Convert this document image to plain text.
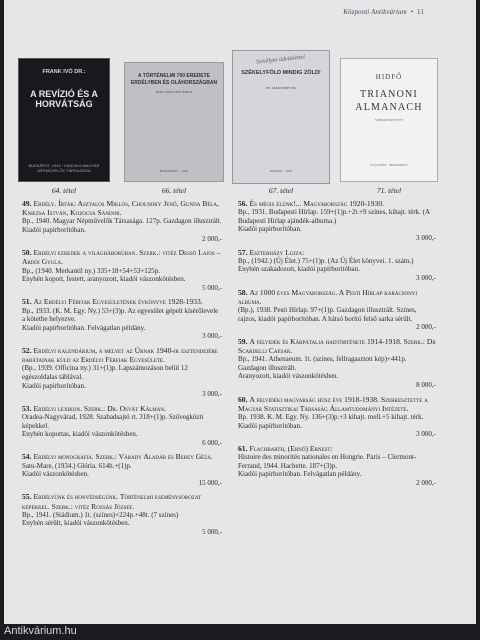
Központi Antikvárium • 11
FRANK IVÓ DR.:
A REVÍZIÓ ÉS A HORVÁTSÁG
BUDAPEST, 1940 · KIADJA A MAGYAR NÉPMŰVELŐK TÁRSASÁGA
64. tétel
A TÖRTÉNELMI 700 EREDETE ERDÉLYBEN ÉS OLÁHORSZÁGBAN
ÍRTA: KÖLCSEY ÉRNŐ
BUDAPEST · 1940
66. tétel
Szívélyes üdvözlettel
SZÉKELYFÖLD MINDIG ZÖLD!
IFJ. MÁRTONFI ÖN
KIADJA · 1940
67. tétel
HIDFŐ
TRIANONI ALMANACH
SZERKESZTETTE
IV. KÖTET · BUDAPEST
71. tétel
49. Erdély. Írták: Asztalos Miklós, Cholnoky Jenő, Gunda Béla, Kniezsa István, Kozocsa Sándor.
Bp., 1940. Magyar Népművelők Társasága. 127p. Gazdagon illusztrált.
Kiadói papírborítóban.
2 000,-
50. Erdélyi ezredek a világháborúban. Szerk.: vitéz Dessõ Lajos – Ardói Gyula.
Bp., (1940. Merkantil ny.) 335+18+54+53+125p.
Enyhén kopott, festett, aranyozott, kiadói vászonkötésben.
5 000,-
51. Az Erdélyi Férfiak Egyesületének évkönyve 1928-1933.
Bp., 1933. (K. M. Egy. Ny.) 53+(3)p. Az egyesület gépelt kísérőlevele a kötetbe helyezve.
Kiadói papírborítóban. Felvágatlan példány.
3 000,-
52. Erdélyi kalendárium, a melyet az Úrnak 1940-ik esztendejére barátainak küld az Erdélyi Férfiak Egyesülete.
(Bp., 1939. Officina ny.) 31+(1)p. Lapszámozáson belül 12 egészoldalas táblával.
Kiadói papírborítóban.
3 000,-
53. Erdélyi lexikon. Szerk.: Dr. Osvát Kálmán.
Oradea-Nagyvárad, 1928. Szabadsajtó rt. 318+(1)p. Szövegközti képekkel.
Enyhén kopottas, kiadói vászonkötésben.
6 000,-
54. Erdélyi monográfia. Szerk.: Várady Aladár és Berey Géza.
Satu-Mare, (1934.) Glória. 614h.+(1)p.
Kiadói vászonkötésben.
15 000,-
55. Erdélyünk és honvédségünk. Történelmi eseménysorozat képekkel. Szerk.: vitéz Rozsás József.
Bp., 1941. (Stádium.) 1t. (színes)+224p.+48t. (7 színes)
Enyhén sérült, kiadói vászonkötésben.
5 000,-
56. És mégis élünk!... Magyarország 1920-1930.
Bp., 1931. Budapesti Hírlap. 159+(1)p.+2t.+9 színes, kihajt. térk. (A Budapesti Hírlap ajándék-albuma.)
Kiadói papírborítóban.
3 000,-
57. Eszterházy Lujza:
Bp., (1942.) (Új Élet.) 75+(1)p. (Az Új Élet könyvei. 1. szám.)
Enyhén szakadozott, kiadói papírborítóban.
3 000,-
58. Az 1000 éves Magyarország. A Pesti Hírlap karácsonyi albuma.
(Bp.), 1938. Pesti Hírlap. 97+(1)p. Gazdagon illusztrált. Színes, rajzos, kiadói papírborítóban. A hátsó borító felső sarka sérült.
2 000,-
59. A felvidék és Kárpátalja hadtörténete 1914-1918. Szerk.: Dr Scardelli Caesar.
Bp., 1941. Athenaeum. 1t. (színes, fellragasztott kép)+441p. Gazdagon illusztrált.
Aranyozott, kiadói vászonkötésben.
8 000,-
60. A felvidéki magyarság húsz éve 1918-1938. Szerkesztette a Magyar Statisztikai Társaság Államtudományi Intézete.
Bp. 1938. K. M. Egy. Ny. 136+(3)p.+3 kihajt. mell.+5 kihajt. térk.
Kiadói papírborítóban.
3 000,-
61. Flachbarth, (Ernő) Ernest:
Histoire des minorités nationales en Hongrie. Paris – Clermont-Ferrand, 1944. Hachette. 187+(3)p.
Kiadói papírborítóban. Felvágatlan példány.
2 000,-
Antikvárium.hu
